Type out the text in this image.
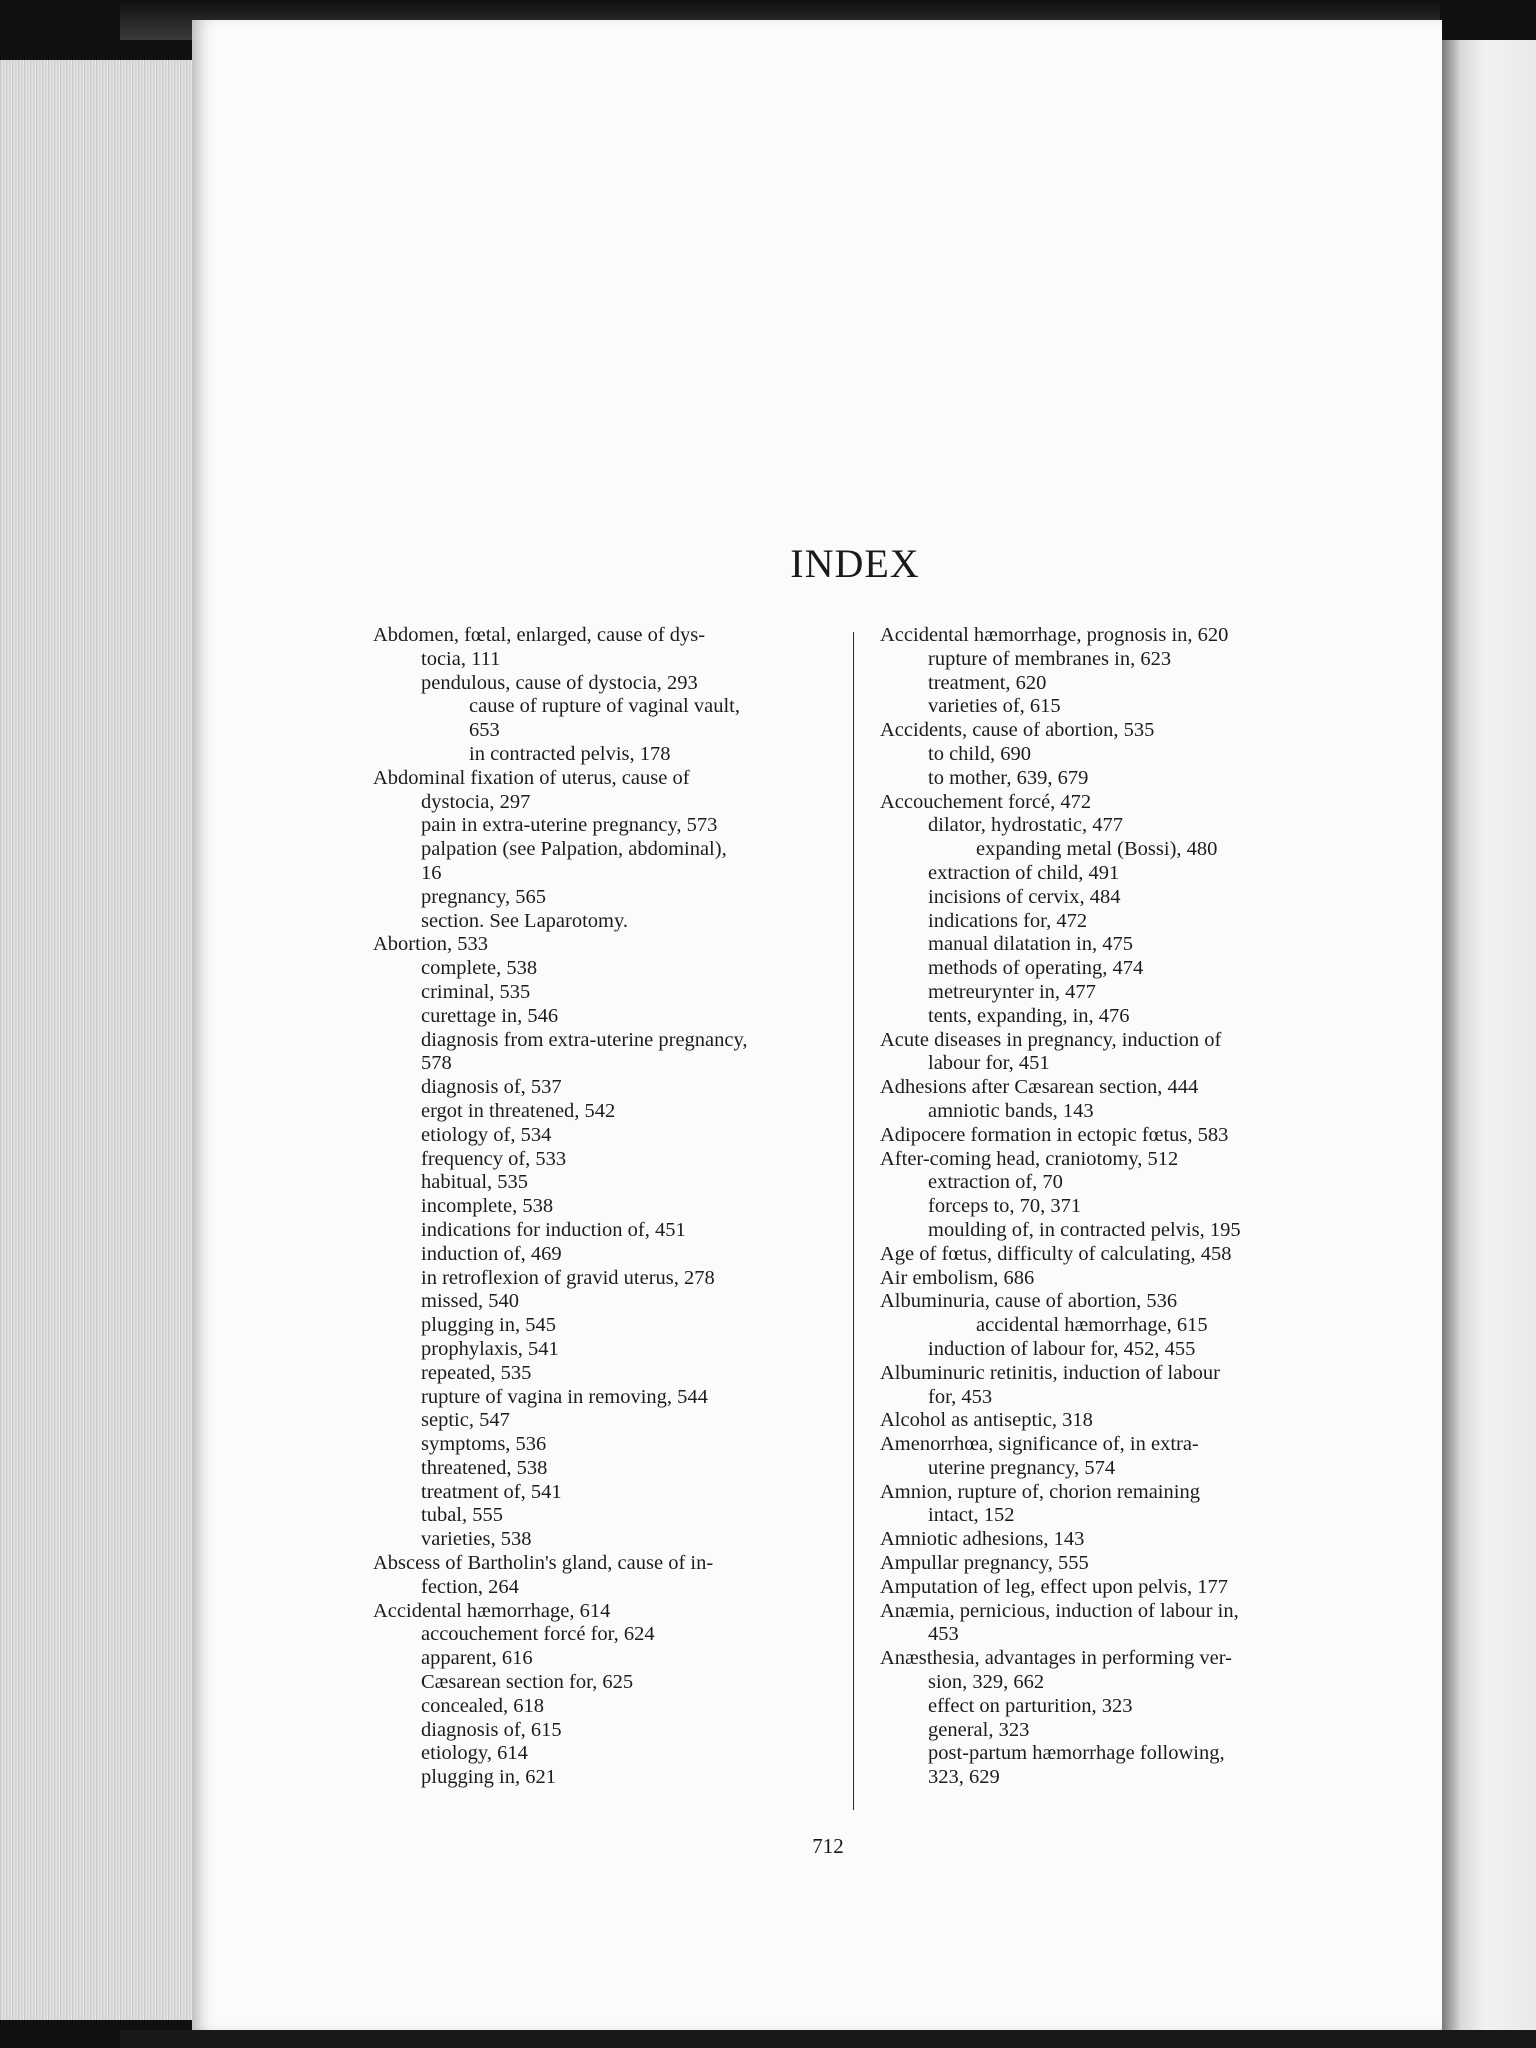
INDEX
Abdomen, fœtal, enlarged, cause of dys-
tocia, 111
pendulous, cause of dystocia, 293
cause of rupture of vaginal vault,
653
in contracted pelvis, 178
Abdominal fixation of uterus, cause of
dystocia, 297
pain in extra-uterine pregnancy, 573
palpation (see Palpation, abdominal),
16
pregnancy, 565
section. See Laparotomy.
Abortion, 533
complete, 538
criminal, 535
curettage in, 546
diagnosis from extra-uterine pregnancy,
578
diagnosis of, 537
ergot in threatened, 542
etiology of, 534
frequency of, 533
habitual, 535
incomplete, 538
indications for induction of, 451
induction of, 469
in retroflexion of gravid uterus, 278
missed, 540
plugging in, 545
prophylaxis, 541
repeated, 535
rupture of vagina in removing, 544
septic, 547
symptoms, 536
threatened, 538
treatment of, 541
tubal, 555
varieties, 538
Abscess of Bartholin's gland, cause of in-
fection, 264
Accidental hæmorrhage, 614
accouchement forcé for, 624
apparent, 616
Cæsarean section for, 625
concealed, 618
diagnosis of, 615
etiology, 614
plugging in, 621
Accidental hæmorrhage, prognosis in, 620
rupture of membranes in, 623
treatment, 620
varieties of, 615
Accidents, cause of abortion, 535
to child, 690
to mother, 639, 679
Accouchement forcé, 472
dilator, hydrostatic, 477
expanding metal (Bossi), 480
extraction of child, 491
incisions of cervix, 484
indications for, 472
manual dilatation in, 475
methods of operating, 474
metreurynter in, 477
tents, expanding, in, 476
Acute diseases in pregnancy, induction of
labour for, 451
Adhesions after Cæsarean section, 444
amniotic bands, 143
Adipocere formation in ectopic fœtus, 583
After-coming head, craniotomy, 512
extraction of, 70
forceps to, 70, 371
moulding of, in contracted pelvis, 195
Age of fœtus, difficulty of calculating, 458
Air embolism, 686
Albuminuria, cause of abortion, 536
accidental hæmorrhage, 615
induction of labour for, 452, 455
Albuminuric retinitis, induction of labour
for, 453
Alcohol as antiseptic, 318
Amenorrhœa, significance of, in extra-
uterine pregnancy, 574
Amnion, rupture of, chorion remaining
intact, 152
Amniotic adhesions, 143
Ampullar pregnancy, 555
Amputation of leg, effect upon pelvis, 177
Anæmia, pernicious, induction of labour in,
453
Anæsthesia, advantages in performing ver-
sion, 329, 662
effect on parturition, 323
general, 323
post-partum hæmorrhage following,
323, 629
712
